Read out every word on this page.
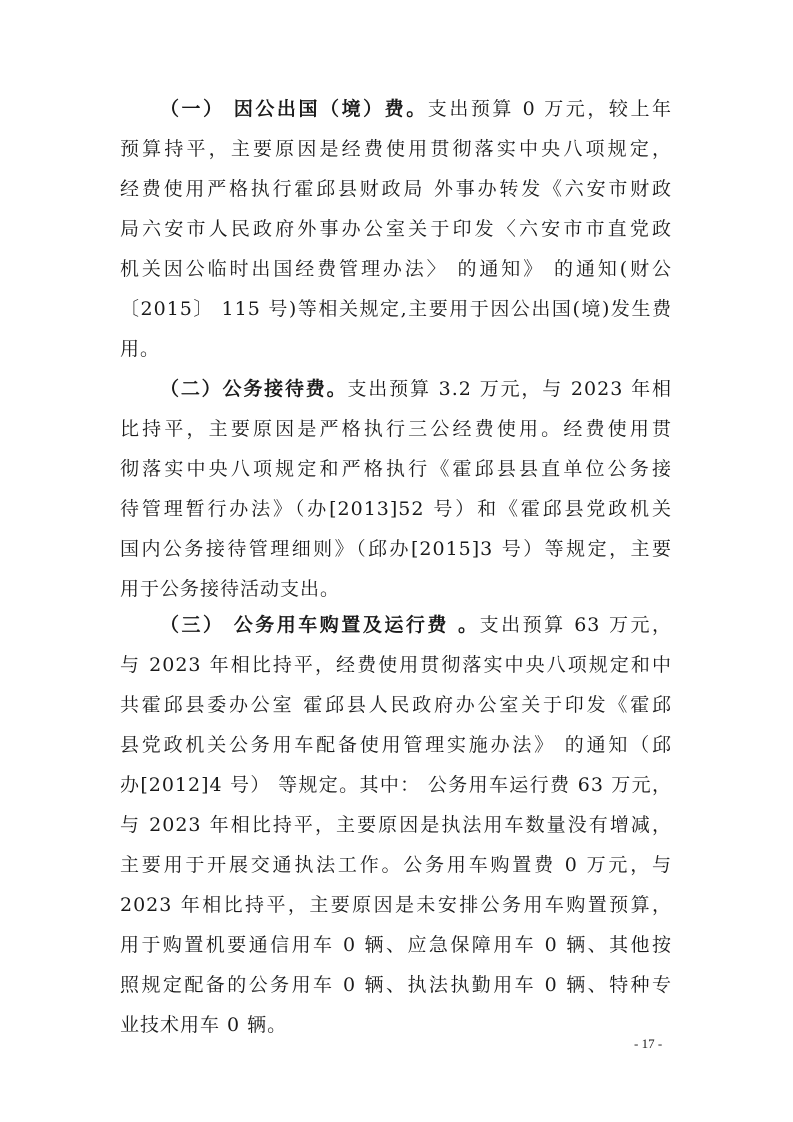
（一） 因公出国（境）费。支出预算 0 万元，较上年
预算持平，主要原因是经费使用贯彻落实中央八项规定，
经费使用严格执行霍邱县财政局 外事办转发《六安市财政
局六安市人民政府外事办公室关于印发〈六安市市直党政
机关因公临时出国经费管理办法〉 的通知》 的通知(财公
〔2015〕 115 号)等相关规定,主要用于因公出国(境)发生费
用。
（二）公务接待费。支出预算 3.2 万元，与 2023 年相
比持平，主要原因是严格执行三公经费使用。经费使用贯
彻落实中央八项规定和严格执行《霍邱县县直单位公务接
待管理暂行办法》（办[2013]52 号）和《霍邱县党政机关
国内公务接待管理细则》（邱办[2015]3 号）等规定，主要
用于公务接待活动支出。
（三） 公务用车购置及运行费 。支出预算 63 万元，
与 2023 年相比持平，经费使用贯彻落实中央八项规定和中
共霍邱县委办公室 霍邱县人民政府办公室关于印发《霍邱
县党政机关公务用车配备使用管理实施办法》 的通知（邱
办[2012]4 号） 等规定。其中： 公务用车运行费 63 万元，
与 2023 年相比持平，主要原因是执法用车数量没有增减，
主要用于开展交通执法工作。公务用车购置费 0 万元，与
2023 年相比持平，主要原因是未安排公务用车购置预算，
用于购置机要通信用车 0 辆、应急保障用车 0 辆、其他按
照规定配备的公务用车 0 辆、执法执勤用车 0 辆、特种专
业技术用车 0 辆。
- 17 -
